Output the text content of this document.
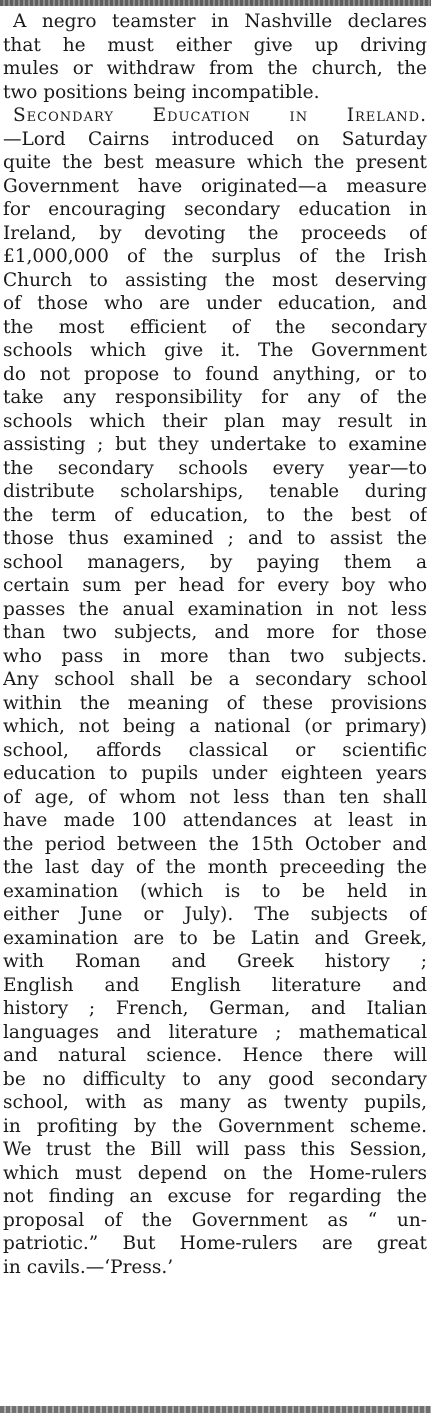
A negro teamster in Nashville declares
that he must either give up driving
mules or withdraw from the church, the
two positions being incompatible.
Secondary Education in Ireland.
—Lord Cairns introduced on Saturday
quite the best measure which the present
Government have originated—a measure
for encouraging secondary education in
Ireland, by devoting the proceeds of
£1,000,000 of the surplus of the Irish
Church to assisting the most deserving
of those who are under education, and
the most efficient of the secondary
schools which give it. The Government
do not propose to found anything, or to
take any responsibility for any of the
schools which their plan may result in
assisting ; but they undertake to examine
the secondary schools every year—to
distribute scholarships, tenable during
the term of education, to the best of
those thus examined ; and to assist the
school managers, by paying them a
certain sum per head for every boy who
passes the anual examination in not less
than two subjects, and more for those
who pass in more than two subjects.
Any school shall be a secondary school
within the meaning of these provisions
which, not being a national (or primary)
school, affords classical or scientific
education to pupils under eighteen years
of age, of whom not less than ten shall
have made 100 attendances at least in
the period between the 15th October and
the last day of the month preceeding the
examination (which is to be held in
either June or July). The subjects of
examination are to be Latin and Greek,
with Roman and Greek history ;
English and English literature and
history ; French, German, and Italian
languages and literature ; mathematical
and natural science. Hence there will
be no difficulty to any good secondary
school, with as many as twenty pupils,
in profiting by the Government scheme.
We trust the Bill will pass this Session,
which must depend on the Home-rulers
not finding an excuse for regarding the
proposal of the Government as “ un-
patriotic.” But Home-rulers are great
in cavils.—‘Press.’
